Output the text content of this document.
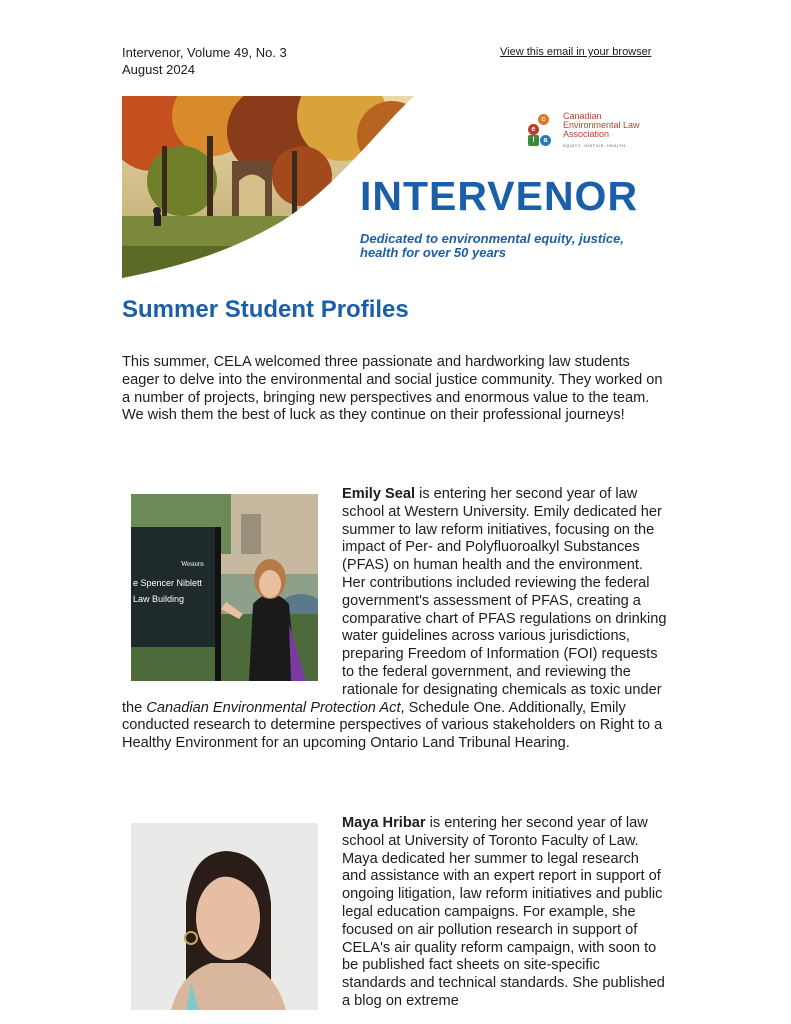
Intervenor, Volume 49, No. 3
August 2024
View this email in your browser
c
e
l	a
Canadian
Environmental Law
Association
EQUITY. JUSTICE. HEALTH.
INTERVENOR
Dedicated to environmental equity, justice, health for over 50 years
Summer Student Profiles

This summer, CELA welcomed three passionate and hardworking law students eager to delve into the environmental and social justice community. They worked on a number of projects, bringing new perspectives and enormous value to the team. We wish them the best of luck as they continue on their professional journeys!

Western
e Spencer Niblett
Law Building
Emily Seal is entering her second year of law school at Western University. Emily dedicated her summer to law reform initiatives, focusing on the impact of Per- and Polyfluoroalkyl Substances (PFAS) on human health and the environment. Her contributions included reviewing the federal government's assessment of PFAS, creating a comparative chart of PFAS regulations on drinking water guidelines across various jurisdictions, preparing Freedom of Information (FOI) requests to the federal government, and reviewing the rationale for designating chemicals as toxic under the Canadian Environmental Protection Act, Schedule One. Additionally, Emily conducted research to determine perspectives of various stakeholders on Right to a Healthy Environment for an upcoming Ontario Land Tribunal Hearing.
Maya Hribar is entering her second year of law school at University of Toronto Faculty of Law. Maya dedicated her summer to legal research and assistance with an expert report in support of ongoing litigation, law reform initiatives and public legal education campaigns. For example, she focused on air pollution research in support of CELA's air quality reform campaign, with soon to be published fact sheets on site-specific standards and technical standards. She published a blog on extreme
